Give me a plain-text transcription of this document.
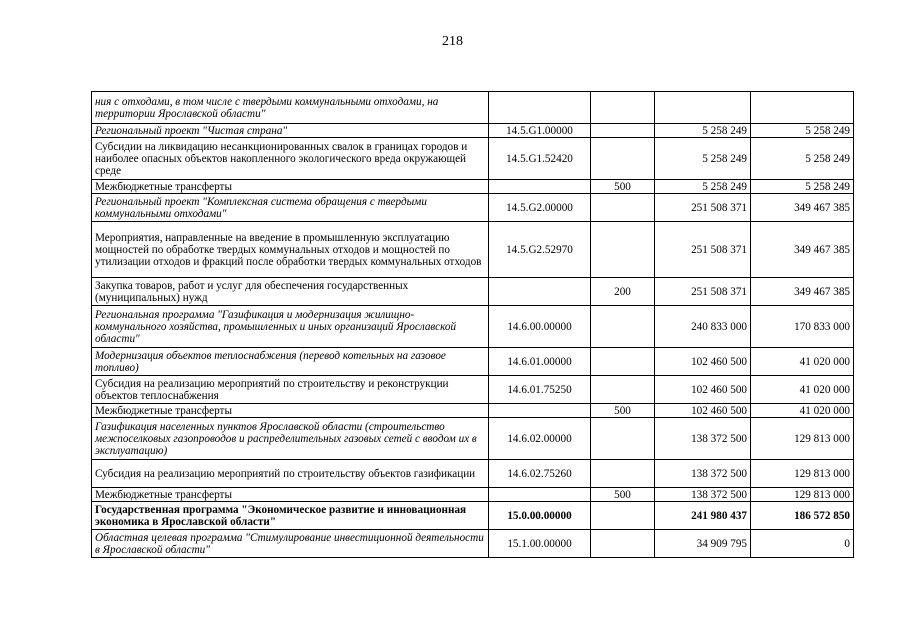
218
ния с отходами, в том числе с твердыми коммунальными отходами, на территории Ярославской области"				
Региональный проект "Чистая страна"	14.5.G1.00000		5 258 249	5 258 249
Субсидии на ликвидацию несанкционированных свалок в границах городов и наиболее опасных объектов накопленного экологического вреда окружающей среде	14.5.G1.52420		5 258 249	5 258 249
Межбюджетные трансферты		500	5 258 249	5 258 249
Региональный проект "Комплексная система обращения с твердыми коммунальными отходами"	14.5.G2.00000		251 508 371	349 467 385
Мероприятия, направленные на введение в промышленную эксплуатацию мощностей по обработке твердых коммунальных отходов и мощностей по утилизации отходов и фракций после обработки твердых коммунальных отходов	14.5.G2.52970		251 508 371	349 467 385
Закупка товаров, работ и услуг для обеспечения государственных (муниципальных) нужд		200	251 508 371	349 467 385
Региональная программа "Газификация и модернизация жилищно-коммунального хозяйства, промышленных и иных организаций Ярославской области"	14.6.00.00000		240 833 000	170 833 000
Модернизация объектов теплоснабжения (перевод котельных на газовое топливо)	14.6.01.00000		102 460 500	41 020 000
Субсидия на реализацию мероприятий по строительству и реконструкции объектов теплоснабжения	14.6.01.75250		102 460 500	41 020 000
Межбюджетные трансферты		500	102 460 500	41 020 000
Газификация населенных пунктов Ярославской области (строительство межпоселковых газопроводов и распределительных газовых сетей с вводом их в эксплуатацию)	14.6.02.00000		138 372 500	129 813 000
Субсидия на реализацию мероприятий по строительству объектов газификации	14.6.02.75260		138 372 500	129 813 000
Межбюджетные трансферты		500	138 372 500	129 813 000
Государственная программа "Экономическое развитие и инновационная экономика в Ярославской области"	15.0.00.00000		241 980 437	186 572 850
Областная целевая программа "Стимулирование инвестиционной деятельности в Ярославской области"	15.1.00.00000		34 909 795	0
